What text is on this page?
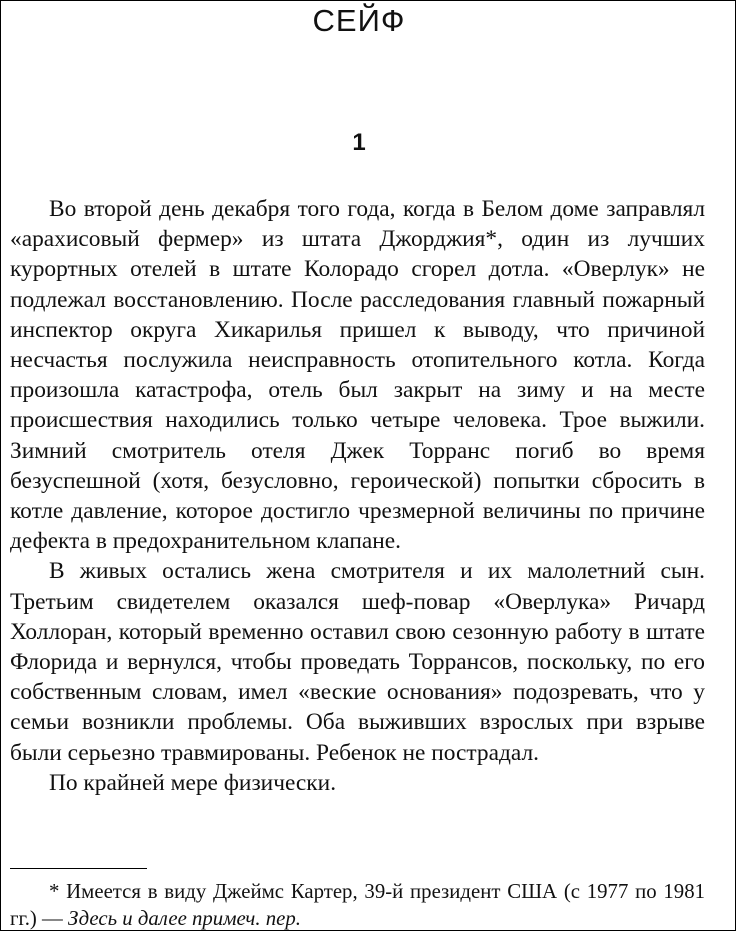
СЕЙФ
1

Во второй день декабря того года, когда в Белом доме заправлял «арахисовый фермер» из штата Джорджия*, один из лучших курортных отелей в штате Колорадо сгорел дотла. «Оверлук» не подлежал восстановлению. После расследования главный пожарный инспектор округа Хикарилья пришел к выводу, что причиной несчастья послужила неисправность отопительного котла. Когда произошла катастрофа, отель был закрыт на зиму и на месте происшествия находились только четыре человека. Трое выжили. Зимний смотритель отеля Джек Торранс погиб во время безуспешной (хотя, безусловно, героической) попытки сбросить в котле давление, которое достигло чрезмерной величины по причине дефекта в предохранительном клапане.

В живых остались жена смотрителя и их малолетний сын. Третьим свидетелем оказался шеф-повар «Оверлука» Ричард Холлоран, который временно оставил свою сезонную работу в штате Флорида и вернулся, чтобы проведать Торрансов, поскольку, по его собственным словам, имел «веские основания» подозревать, что у семьи возникли проблемы. Оба выживших взрослых при взрыве были серьезно травмированы. Ребенок не пострадал.

По крайней мере физически.

* Имеется в виду Джеймс Картер, 39-й президент США (с 1977 по 1981 гг.) — Здесь и далее примеч. пер.
